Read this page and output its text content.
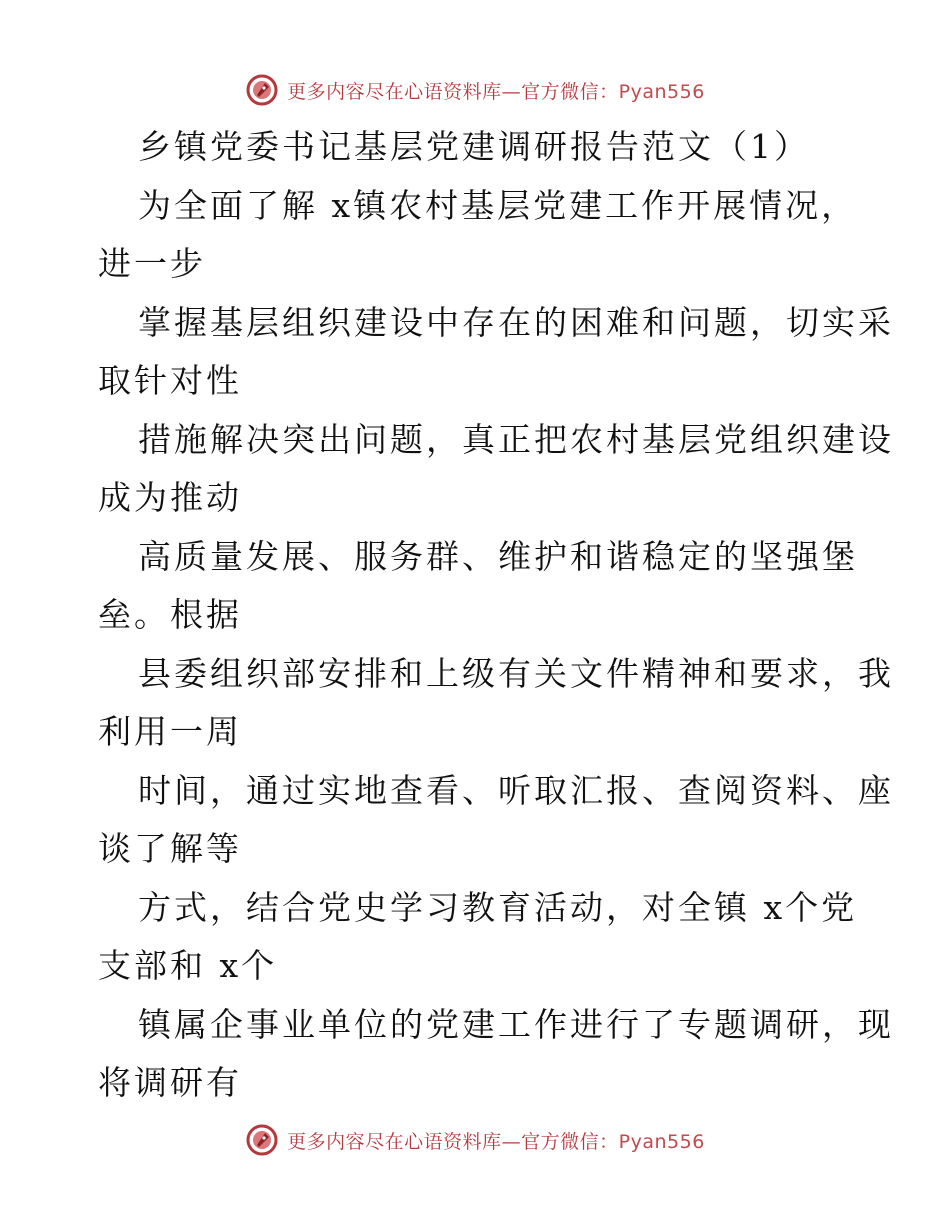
更多内容尽在心语资料库—官方微信：Pyan556
乡镇党委书记基层党建调研报告范文（1）
为全面了解 x镇农村基层党建工作开展情况，
进一步
掌握基层组织建设中存在的困难和问题，切实采
取针对性
措施解决突出问题，真正把农村基层党组织建设
成为推动
高质量发展、服务群、维护和谐稳定的坚强堡
垒。根据
县委组织部安排和上级有关文件精神和要求，我
利用一周
时间，通过实地查看、听取汇报、查阅资料、座
谈了解等
方式，结合党史学习教育活动，对全镇 x个党
支部和 x个
镇属企事业单位的党建工作进行了专题调研，现
将调研有
更多内容尽在心语资料库—官方微信：Pyan556
